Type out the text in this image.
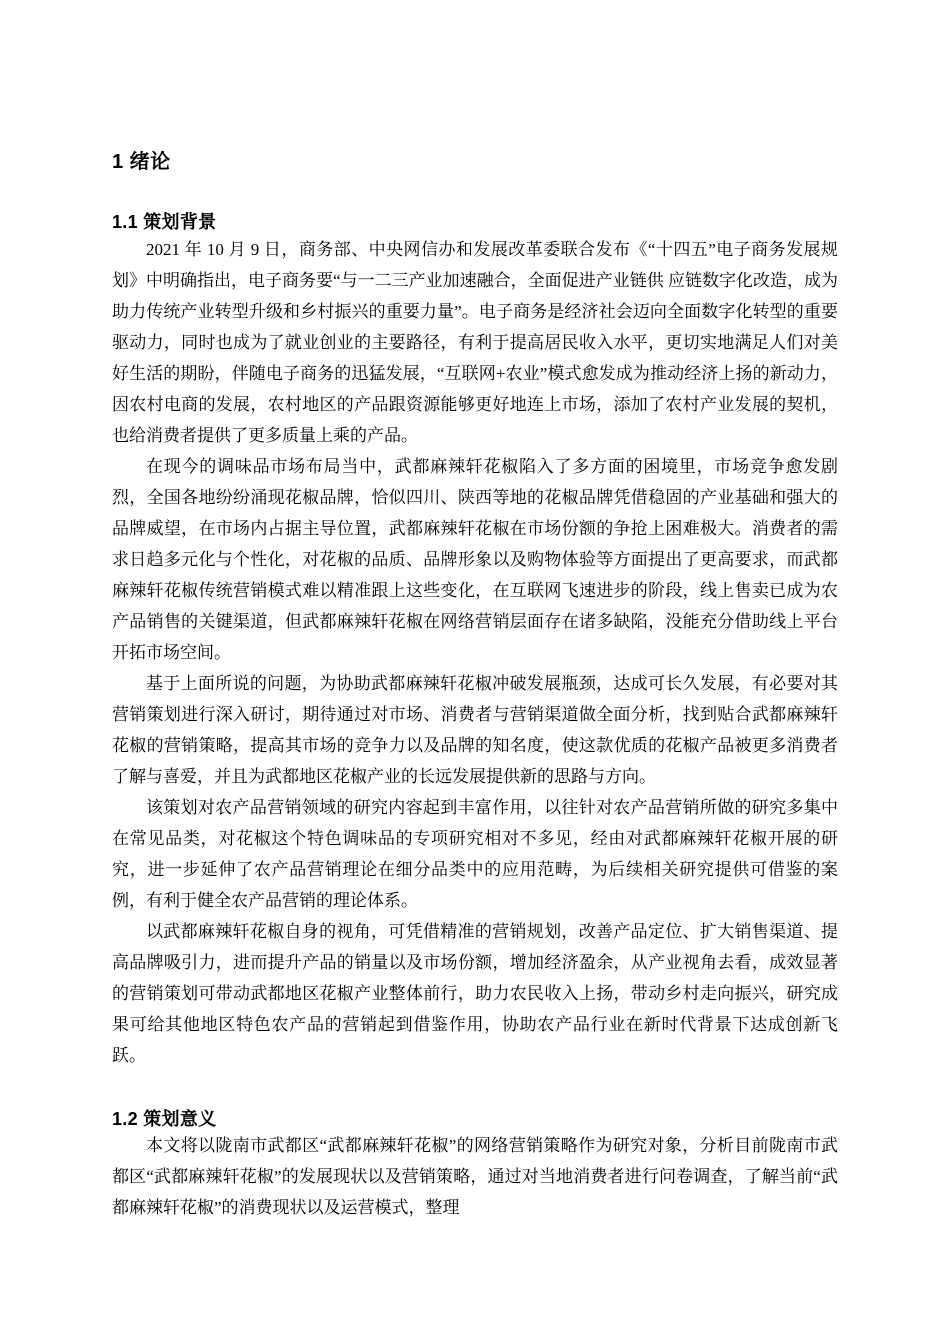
1 绪论
1.1 策划背景

2021 年 10 月 9 日，商务部、中央网信办和发展改革委联合发布《“十四五”电子商务发展规划》中明确指出，电子商务要“与一二三产业加速融合，全面促进产业链供 应链数字化改造，成为助力传统产业转型升级和乡村振兴的重要力量”。电子商务是经济社会迈向全面数字化转型的重要驱动力，同时也成为了就业创业的主要路径，有利于提高居民收入水平，更切实地满足人们对美好生活的期盼，伴随电子商务的迅猛发展，“互联网+农业”模式愈发成为推动经济上扬的新动力，因农村电商的发展，农村地区的产品跟资源能够更好地连上市场，添加了农村产业发展的契机，也给消费者提供了更多质量上乘的产品。

在现今的调味品市场布局当中，武都麻辣轩花椒陷入了多方面的困境里，市场竞争愈发剧烈，全国各地纷纷涌现花椒品牌，恰似四川、陕西等地的花椒品牌凭借稳固的产业基础和强大的品牌威望，在市场内占据主导位置，武都麻辣轩花椒在市场份额的争抢上困难极大。消费者的需求日趋多元化与个性化，对花椒的品质、品牌形象以及购物体验等方面提出了更高要求，而武都麻辣轩花椒传统营销模式难以精准跟上这些变化，在互联网飞速进步的阶段，线上售卖已成为农产品销售的关键渠道，但武都麻辣轩花椒在网络营销层面存在诸多缺陷，没能充分借助线上平台开拓市场空间。

基于上面所说的问题，为协助武都麻辣轩花椒冲破发展瓶颈，达成可长久发展，有必要对其营销策划进行深入研讨，期待通过对市场、消费者与营销渠道做全面分析，找到贴合武都麻辣轩花椒的营销策略，提高其市场的竞争力以及品牌的知名度，使这款优质的花椒产品被更多消费者了解与喜爱，并且为武都地区花椒产业的长远发展提供新的思路与方向。

该策划对农产品营销领域的研究内容起到丰富作用，以往针对农产品营销所做的研究多集中在常见品类，对花椒这个特色调味品的专项研究相对不多见，经由对武都麻辣轩花椒开展的研究，进一步延伸了农产品营销理论在细分品类中的应用范畴，为后续相关研究提供可借鉴的案例，有利于健全农产品营销的理论体系。

以武都麻辣轩花椒自身的视角，可凭借精准的营销规划，改善产品定位、扩大销售渠道、提高品牌吸引力，进而提升产品的销量以及市场份额，增加经济盈余，从产业视角去看，成效显著的营销策划可带动武都地区花椒产业整体前行，助力农民收入上扬，带动乡村走向振兴，研究成果可给其他地区特色农产品的营销起到借鉴作用，协助农产品行业在新时代背景下达成创新飞跃。

1.2 策划意义

本文将以陇南市武都区“武都麻辣轩花椒”的网络营销策略作为研究对象，分析目前陇南市武都区“武都麻辣轩花椒”的发展现状以及营销策略，通过对当地消费者进行问卷调查，了解当前“武都麻辣轩花椒”的消费现状以及运营模式，整理
